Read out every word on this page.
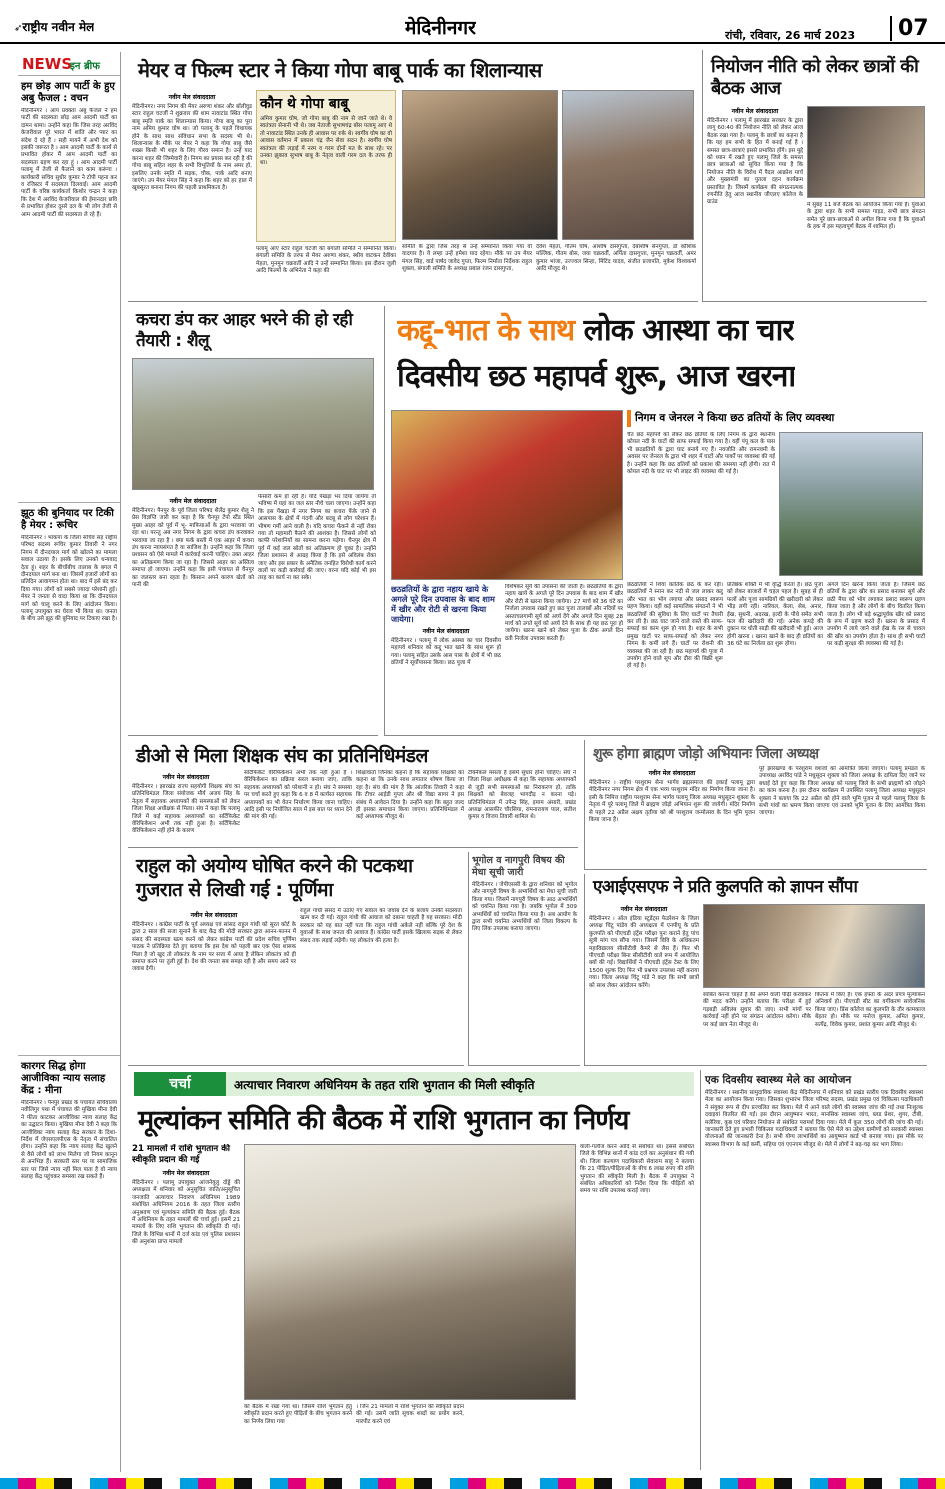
➶राष्ट्रीय नवीन मेल	मेदिनीनगर	रांची, रविवार, 26 मार्च 2023	07
NEWS
इन ब्रीफ
हम छोड़ आप पार्टी के हुए अबु फैजल : वचन
मेदिनीनगर । आप प्रवक्ता अबु फैजल ने हम पार्टी की सदस्यता छोड़ आम आदमी पार्टी का दामन थामा। उन्होंने कहा कि जिस तरह अरविंद केजरीवाल पूरे भारत में शांति और प्यार का संदेश दे रहे हैं । सही मायने में अभी देश को इसकी जरूरत है । आम आदमी पार्टी के कार्य से प्रभावित होकर मैं आम आदमी पार्टी का सदस्यता ग्रहण कर रहा हूं । आम आदमी पार्टी पलामू में तेजी से फैलाने का काम करूंगा । कार्यकारी सचिव सुधीर कुमार ने टोपी पहना कर व रजिस्टर में सदस्यता दिलवाई। आम आदमी पार्टी के वरिष्ठ कार्यकर्ता किशोर चन्द्रन ने कहा कि देश में अरविंद केजरीवाल की ईमानदार छवि से प्रभावित होकर दूसरे दल के भी लोग तेजी से आम आदमी पार्टी की सदस्यता ले रहे हैं।
झूठ की बुनियाद पर टिकी है मेयर : रूचिर
मेदिनीनगर । भाकपा के जिला सचिव सह राष्ट्रीय परिषद सदस्य रूचिर कुमार तिवारी ने नगर निगम में दीनदयाल मार्ग को खोलने का मामला सवाल उठाया है। इसके लिए उनको धन्यवाद देता हूं। शहर के बीचोंबीच तालाब के बगल में दीनदयाल मार्ग बना था। जिसमें हजारों लोगों का प्रतिदिन आवागमन होता था। बाद में इसे बंद कर दिया गया। लोगों को सबसे ज्यादा परेशानी हुई। मेयर ने जनता से वादा किया था कि दीनदयाल मार्ग को चालू करने के लिए आंदोलन किया। पलामू उपायुक्त का घेराव भी किया था। जनता के बीच उसे झूठ की बुनियाद पर टिकाए रखा है।
कारगर सिद्ध होगा आजीविका न्याय सलाह केंद्र : मीना
मेदिनीनगर । पैनपुर प्रखंड के पंचायत सचिवालय नवीलिगुर पथा में पंचायत की मुखिया मीना देवी ने फीता काटकर आजीविका न्याय सलाह केंद्र का उद्घाटन किया। मुखिया मीना देवी ने कहा कि आजीविका न्याय सलाह केंद्र सरकार के दिशा-निर्देश में जेएसएलपीएस के नेतृत्व में संचालित होगा। उन्होंने कहा कि न्याय सलाह केंद्र खुलने से वैसे लोगों को लाभ मिलेगा जो नियम कानून से अनभिज्ञ हैं। सरकारी स्तर पर या सामाजिक स्तर पर जिसे न्याय नहीं मिल पाता है वो न्याय सलाह केंद्र पहुंचकर समस्या रख सकते हैं।
मेयर व फिल्म स्टार ने किया गोपा बाबू पार्क का शिलान्यास
नवीन मेल संवाददाता
मेदिनीनगर। नगर निगम की मेयर अरुणा शंकर और बॉलीवुड स्टार राहुल चटर्जी ने शुक्रवार की शाम नावाटांड स्थित गोपा बाबू स्मृति पार्क का शिलान्यास किया। गोपा बाबू का पूरा नाम अमिय कुमार घोष था। जो पलामू के पहले विधायक होने के साथ साथ संविधान सभा के सदस्य भी थे। शिलान्यास के मौके पर मेयर ने कहा कि गोपा बाबू जैसे शख्स किसी भी शहर के लिए गौरव समान है। उन्हें याद करना शहर की जिम्मेवारी है। निगम का प्रयास कर रही है की गोपा बाबू सहित शहर के सभी विभूतियों के नाम अमर हो, इसलिए उनके स्मृति में सड़क, चौक, पार्क आदि बनाए जाएंगे। उप मेयर मंगल सिंह ने कहा कि शहर को हर हाल में खूबसूरत बनाना निगम की पहली प्राथमिकता है।
कौन थे गोपा बाबू
अमिय कुमार घोष, जो गोपा बाबू की नाम से जाने जाते थे। वे स्वतंत्रता सेनानी भी थे। जब नेताजी सुभाषचंद्र बोस पलामू आए थे तो नावाटांड स्थित उनके ही आवास पर रुके थे। स्वर्गीय घोष का वो आवास वर्तमान में प्रकाश चंद्र जैन सेवा सदन है। स्वर्गीय घोष स्वतंत्रता की लड़ाई में नरम व गरम दोनों मत के साथ रहे। पर उनका झुकाव सुभाष बाबू के नेतृत्व वाली गरम दल के तरफ ही था।
पलामू आए स्टार राहुल चटर्जी को बंगाली समिति ने सम्मानित किया। बंगाली समिति के तरफ से मेयर अरुणा शंकर, स्थीय वाटकन देवीका मेहता, मुनमुन चक्रवर्ती आदि ने उन्हें सम्मानित किया। इस दौरान जुली आदि फिल्मों के अभिनेता ने कहा की
समिति के द्वारा जिस तरह से उन्हें सम्मानित किया गया वो यादगार है। ये लम्हा उन्हें हमेशा याद रहेगा। मौके पर उप मेयर मंगल सिंह, वार्ड पार्षद जावेद गुप्ता, फिल्म निर्माता निर्देशक राहुल शुक्ला, बंगाली समिति के अध्यक्ष प्रबाल रंजन दासगुप्ता,
देवेश मेहता, गौतम घोष, आशीष दासगुप्ता, देबाशीष सेनगुप्ता, डॉ कौशिक मल्लिक, गौतम बोस, जया चक्रवर्ती, अर्पिता दासगुप्ता, मुनमुन चक्रवर्ती, अमर कुमार भांजा, उज्ज्वल सिन्हा, मिंटिंद यादव, संजीत प्रजापति, मुकेश विश्वकर्मा आदि मौजूद थे।
नियोजन नीति को लेकर छात्रों की बैठक आज
नवीन मेल संवाददाता
मेदिनीनगर । पलामू में झारखंड सरकार के द्वारा लागू 60:40 की नियोजन नीति को लेकर आज बैठक रखा गया है। पलामू के छात्रों का कहना है कि यह हम सभी के हित में बनाई गई है । समस्त छात्र-छात्राएं इससे प्रभावित होंगे। इस मुद्दे को ध्यान में रखते हुए पलामू जिले के समस्त छात्र छात्राओं को सूचित किया गया है कि नियोजन नीति के विरोध में पैदल आक्रोश मार्च और मुख्यमंत्री का पुतला दहन कार्यक्रम प्रस्तावित है। जिसमें कार्यक्रम की संगठनात्मक रणनीति हेतु आज स्थानीय जीएलए कॉलेज के ग्राउंड	में सुबह 11 बजे बैठक का आयोजन किया गया है। युवाओं के द्वारा शहर के सभी समस्त गाइड, सभी छात्र संगठन समेत पूरे छात्र-छात्राओं से अपील किया गया है कि युवाओं के हक में इस महत्वपूर्ण बैठक में शामिल हों।
कचरा डंप कर आहर भरने की हो रही तैयारी : शैलू
नवीन मेल संवाददाता
मेदिनीनगर। पैनपुर के पूर्व जिला परिषद शैलेंद्र कुमार शैलू ने प्रेस विज्ञप्ति जारी कर कहा है कि चैनपुर टेंपो स्टैंड स्थित मुख्य आहर को पूर्व में भू- माफियाओं के द्वारा भरवाया जा रहा था। परन्तु अब नगर निगम के द्वारा कचरा डंप करवाकर भरवाया जा रहा है । क्या फर्क बस्ती में एक आहर में कचरा डंप करना न्यायसंगत है या साजिश है। उन्होंने कहा कि जिला प्रशासन को ऐसे मामले में कार्रवाई करनी चाहिए। उक्त आहर का अतिक्रमण किया जा रहा है। जिससे आहर का अस्तित्व समाप्त हो जाएगा। उन्होंने कहा कि इसी पंचायत से चैनपुर का जलस्तर बना रहता है। किसान अपने कारण खेतों को पानी की
फेंसारी कम हो रही है। यदि पेंखड़ा भर दिया जायेगा तो भविष्य में यहां का जल स्तर नीचे चला जाएगा। उन्होंने कहा कि इस पेंखड़ा में नगर निगम का कचरा फेंके जाने से आसपास के क्षेत्रों में गंदगी और बदबू से लोग परेशान हैं। भीषण गर्मी आने वाली है। यदि कचरा फेंकने से नहीं रोका गया तो महामारी फैलने की आशंका है। जिससे लोगों को काफी परेशानियों का सामना करना पड़ेगा। चैनपुर क्षेत्र में पूर्व में कई जल स्रोतों का अतिक्रमण हो चुका है। उन्होंने जिला प्रशासन से आग्रह किया है कि इसे अविलंब रोका जाए और इस प्रकार के अनैतिक जनहित विरोधी कार्य करने वालों पर कड़ी कार्रवाई की जाए। वरना यदि कोई भी इस तरह का कार्य ना कर सके।
कद्दू-भात के साथ लोक आस्था का चार
दिवसीय छठ महापर्व शुरू, आज खरना
छठव्रतियों के द्वारा नहाय खाये के अगले पूरे दिन उपवास के बाद शाम में खीर और रोटी से खरना किया जायेगा।
नवीन मेल संवाददाता
मेदिनीनगर । पलामू में लोक आस्था का चार दिवसीय महापर्व शनिवार को कद्दू भात खाने के साथ शुरू हो गया। पलामू सहित उसके आस पास के क्षेत्रों में भी छठ व्रतियों ने सूर्योपासना किया। छठ पूजा में
विशेषकर सूर्य की उपासना की जाती है। छठव्रतियों के द्वारा नहाय खाये के अगले पूरे दिन उपवास के बाद शाम में खीर और रोटी से खरना किया जायेगा। 27 मार्च को 36 घंटे का निर्जला उपवास रखते हुए छठ पूजा तालाबों और नदियों पर अस्ताचलगामी सूर्य को अर्घ्य देंगे और अगले दिन सुबह 28 मार्च को उगते सूर्य को अर्घ्य देने के साथ ही यह छठ पूरा हो जायेगा। खरना खाने को लेकर पूजा के ठीक अगले दिन व्रती निर्जला उपवास करती हैं।
निगम व जेनरल ने किया छठ व्रतियों के लिए व्यवस्था
चैत छठ महापर्व को लेकर छठ व्रतियों के लिए निगम के द्वारा स्थानीय कोयल नदी के घाटों की साफ सफाई किया गया है। वहीं पंपू कल के पास भी छठव्रतियों के द्वारा घाट बनाये गए हैं। नवजोति और रामनवमी के अवसर पर जेनरल के द्वारा भी शहर में घाटों और पार्कों पर व्यवस्था की गई है। उन्होंने कहा कि छठ व्रतियों को प्रकाश की समस्या नहीं होगी। रात में कोयल नदी के घाट पर भी लाइट की व्यवस्था की गई है।
छठव्रतियों ने शिवा कार्तिक छठ के कर रही। छठव्रतियों ने स्नान कर नदी से जल लाकर कद्दू और भात का भोग लगाया और प्रसाद स्वरूप ग्रहण किया। वहीं कई सामाजिक संगठनों ने भी छठव्रतियों की सुविधा के लिए घाटों पर तैयारी कर ली है। छठ घाट जाने वाले रास्ते की साफ-सफाई का काम शुरू हो गया है। शहर के सभी प्रमुख घाटों पर साफ-सफाई को लेकर नगर निगम के कर्मी लगे हैं। घाटों पर रोशनी की व्यवस्था की जा रही है। छठ महापर्व की पूजा में उपयोग होने वाले सूप और दौरा की बिक्री शुरू हो गई है।
प्रतिष्ठक शक्ति में भी वृद्धि करता है। छठ पूजा को लेकर बाजारों में चहल पहल है। सुबह से ही फलों और पूजा सामग्रियों की खरीदारी को लेकर भीड़ लगी रही। नारियल, केला, सेब, अनार, ईख, सुथनी, अदरख, हल्दी के पौधे समेत सभी फल की खरीदारी की गई। अनेक कपड़े की दुकान पर धोती साड़ी की खरीदारी भी हुई। आज होगी खरना । खरना खाने के बाद ही व्रतियों का 36 घंटे का निर्जला व्रत शुरू होगा।
अगले दिन खरना किया जाता है। जिसमें छठ व्रतियों के द्वारा खीर का प्रसाद बनाकर सूर्य और छठी मैया को भोग लगाकर प्रसाद स्वरूप ग्रहण किया जाता है और लोगों के बीच वितरित किया जाता है। लोग भी बड़े श्रद्धापूर्वक खीर को प्रसाद के रूप में ग्रहण करते हैं। खरना के प्रसाद में उपयोग में लाये जाने वाले ईख के रस से चावल की खीर का उपयोग होता है। साथ ही सभी घाटों पर कड़ी सुरक्षा की व्यवस्था की गई है।
डीओ से मिला शिक्षक संघ का प्रतिनिधिमंडल
नवीन मेल संवाददाता
मेदिनीनगर । झारखंड राज्य सहयोगी शिक्षक संघ का प्रतिनिधिमंडल जिला संयोजक मौर्य अजय सिंह के नेतृत्व में सहायक अध्यापकों की समस्याओं को लेकर जिला शिक्षा अधीक्षक से मिला। संघ ने कहा कि पलामू जिले में कई सहायक अध्यापकों का सर्टिफिकेट वेरिफिकेशन अभी तक नहीं हुआ है। सर्टिफिकेट वेरिफिकेशन नहीं होने के कारण
सर्टिफिकेट वेरिफिकेशन अभी तक नहीं हुआ है । वेरिफिकेशन का प्रक्रिया सरल बनाया जाए, ताकि सहायक अध्यापकों को परेशानी न हो। संघ ने समस्या पर चर्चा करते हुए कहा कि 6 व 8 में कार्यरत सहायक अध्यापकों का भी वेतन निर्धारण किया जाना चाहिए। आदि इसी पर नियोजित साल में इस बात पर ध्यान देने की मांग की गई।
शिक्षावार्ता जिनका कहना है कि सहायक शिक्षकों का कहना था कि उनके साथ लगातार शोषण किया जा रहा है। संघ की मांग है कि आंतरिक तिवारी ने कहा कि टीचर आईडी गुप्ता और श्री विद्या सागर ने इस संबंध में आवेदन दिया है। उन्होंने कहा कि बहुत जल्द ही इसका समाधान किया जाएगा। प्रतिनिधिमंडल में कई अध्यापक मौजूद थे।
टेक्निकल मसला है इसमें सुधार होना चाहिए। संघ ने जिला शिक्षा अधीक्षक से कहा कि सहायक अध्यापकों से जुड़ी सभी समस्याओं का निराकरण हो, ताकि शिक्षकों को बेवजह भागदौड़ न करना पड़े। प्रतिनिधिमंडल में उपेन्द्र सिंह, इमाम अंसारी, प्रखंड अध्यक्ष आसफीर चौरसिया, रामनारायण पाल, सतीश कुमार व विजय तिवारी शामिल थे।
शुरू होगा ब्राह्मण जोड़ो अभियानः जिला अध्यक्ष
नवीन मेल संवाददाता
मेदिनीनगर । राष्ट्रीय परशुराम सेना भार्गव ब्रह्मसमाज की इकाई पलामू द्वारा मेदिनीनगर नगर निगम क्षेत्र में एक भव्य परशुराम मंदिर का निर्माण किया जाना है। इसी के निमित्त राष्ट्रीय परशुराम सेना भार्गव पलामू जिला अध्यक्ष मधुसूदन शुक्ला के नेतृत्व में पूरे पलामू जिले में ब्राह्मण जोड़ो अभियान शुरू की जायेगी। मंदिर निर्माण से पहले 22 अप्रैल अक्षय तृतीया को श्री परशुराम जन्मोत्सव के दिन भूमि पूजन किया जाना है।
पूरे झारखण्ड के परशुराम वंशजों को आमंत्रित किया जाएगा। पलामू प्रमंडल के उपाध्यक्ष अरविंद पांडे ने मधुसूदन शुक्ला को जिला अध्यक्ष के दायित्व दिए जाने पर बधाई देते हुए कहा कि जिला अध्यक्ष को पलामू जिले के सभी ब्राह्मणों को जोड़ने का काम करना है। इस दौरान कार्यक्रम में उपस्थित पलामू जिला अध्यक्ष मधुसूदन शुक्ला ने बताया कि 22 अप्रैल को होने वाले भूमि पूजन से पहले पलामू जिला के सभी गांवों का भ्रमण किया जाएगा एवं उनको भूमि पूजन के लिए आमंत्रित किया जाएगा।
राहुल को अयोग्य घोषित करने की पटकथा गुजरात से लिखी गई : पूर्णिमा
नवीन मेल संवाददाता
मेदिनीनगर । कांग्रेस पार्टी के पूर्व अध्यक्ष एवं सांसद राहुल गांधी को सूरत कोर्ट के द्वारा 2 साल की सजा सुनाने के बाद केंद्र की मोदी सरकार द्वारा आनन-फानन में संसद की सदस्यता खत्म करने को लेकर कांग्रेस पार्टी की प्रदेश सचिव पूर्णिमा पाठक ने प्रतिक्रिया देते हुए बताया कि इस देश को पहली बार एक ऐसा शासक मिला है जो खुद तो लोकतंत्र के नाम पर सत्ता में आया है लेकिन लोकतंत्र को ही समाप्त करने पर तुली हुई है। देश की जनता सब समझ रही है और समय आने पर जवाब देगी।
राहुल गांधी संसद में उठाए गए सवाल का जवाब देने के बजाय उनकी सदस्यता खत्म कर दी गई। राहुल गांधी की आवाज को दबाना चाहती है यह सरकार। मोदी सरकार को यह बात नहीं पता कि राहुल गांधी अकेले नहीं बल्कि पूरे देश के युवाओं के साथ जनता की आवाज हैं। कांग्रेस पार्टी इसके खिलाफ सड़क से लेकर संसद तक लड़ाई लड़ेगी। यह लोकतंत्र की हत्या है।
भूगोल व नागपुरी विषय की मेधा सूची जारी
मेदिनीनगर । जेपीएससी के द्वारा शनिवार को भूगोल और नागपुरी विषय के अभ्यर्थियों का मेधा सूची जारी किया गया। जिसमें नागपुरी विषय के आठ अभ्यर्थियों को चयनित किया गया है। जबकि भूगोल में 309 अभ्यर्थियों को चयनित किया गया है। अब आयोग के द्वारा सभी चयनित अभ्यर्थियों को जिला विकल्प के लिए लिंक उपलब्ध कराया जाएगा।
एआईएसएफ ने प्रति कुलपति को ज्ञापन सौंपा
नवीन मेल संवाददाता
मेदिनीनगर । ऑल इंडिया स्टूडेंट्स फेडरेशन के जिला अध्यक्ष चिंटू पांडेय की अध्यक्षता में एनपीयू के प्रति कुलपति को पीएचडी इंट्रेंस परीक्षा पुनः कराने हेतु पांच सूत्री मांग पत्र सौंपा गया। जिसमें विवि के अधिकतम महाविद्यालय सीसीटीवी कैमरे से लैस हैं। फिर भी पीएचडी परीक्षा बिना सीसीटीवी वाले रूम में आयोजित क्यों की गई। विद्यार्थियों ने पीएचडी इंट्रेंस टेस्ट के लिए 1500 शुल्क दिए फिर भी प्रश्नपत्र उपलब्ध नहीं कराया गया। जिला अध्यक्ष चिंटू पांडे ने कहा कि सभी छात्रों को साथ लेकर आंदोलन करेंगे।
साबित करना चाहते हैं की अपने वाली पीढ़ी करवाकर की मदद करेंगे। उन्होंने बताया कि परीक्षा में हुई गड़बड़ी अविलंब सुधार की जाए। सभी मांगों पर कार्रवाई नहीं होने पर संगठन आंदोलन करेगा। मौके पर कई छात्र नेता मौजूद थे।
कितना में किए हैं। एक हफ्ता के अंदर प्रपत्र मूल्यांकन अनिवार्य हो। पीएचडी सीट का वर्गीकरण सार्वजनिक किया जाए। प्रिंस कॉलेज का कुलपति के तौर कामकाज बेहतर हो। मौके पर मनोज कुमार, अमित कुमार, सत्येंद्र, विवेक कुमार, प्रशांत कुमार आदि मौजूद थे।
चर्चा	अत्याचार निवारण अधिनियम के तहत राशि भुगतान की मिली स्वीकृति
मूल्यांकन समिति की बैठक में राशि भुगतान का निर्णय
21 मामलों में राशि भुगतान की स्वीकृति प्रदान की गई
नवीन मेल संवाददाता
मेदिनीनगर । पलामू उपायुक्त आंजनेयुलु दोड्डे की अध्यक्षता में शनिवार को अनुसूचित जाति/अनुसूचित जनजाति अत्याचार निवारण अधिनियम 1989 संशोधित अधिनियम 2016 के तहत जिला स्तरीय अनुश्रवण एवं मूल्यांकन समिति की बैठक हुई। बैठक में अधिनियम के तहत मामलों की चर्चा हुई। इसमें 21 मामलों के लिए राशि भुगतान की स्वीकृति दी गई। जिले के विभिन्न थानों में दर्ज कांड एवं पुलिस प्रशासन की अनुशंसा प्राप्त मामलों
को बैठक में रखा गया था। जिसमें राशि भुगतान हेतु स्वीकृति प्रदान करते हुए पीड़ितों के बीच भुगतान करने का निर्णय लिया गया
। जिन 21 मामलों में राशि भुगतान की स्वीकृति प्रदान की गई। उसमें जाति सूचक शब्दों का प्रयोग करने, मारपीट करने एवं
वाली-गलौज करने आदि से संबंधित था। इससे संबंधित जिले के विभिन्न थानों में कांड दर्ज कर अनुसंधान की गयी थी। जिला कल्याण पदाधिकारी सेवाराम साहू ने बताया कि 21 पीड़ित/पीड़िताओं के बीच 6 लाख रुपए की राशि भुगतान की स्वीकृति मिली है। बैठक में उपायुक्त ने संबंधित अधिकारियों को निर्देश दिया कि पीड़ितों को समय पर राशि उपलब्ध कराई जाए।
एक दिवसीय स्वास्थ्य मेले का आयोजन
मेदिनीनगर । स्थानीय सामुदायिक स्वास्थ्य केंद्र मेदिनीनगर में शनिवार को प्रखंड स्तरीय एक दिवसीय स्वास्थ्य मेला का आयोजन किया गया। जिसका शुभारंभ जिला परिषद सदस्य, प्रखंड प्रमुख एवं चिकित्सा पदाधिकारी ने संयुक्त रूप से दीप प्रज्वलित कर किया। मेले में आने वाले लोगों की स्वास्थ्य जांच की गई तथा निःशुल्क दवाइयां वितरित की गईं। इस दौरान आयुष्मान भारत, मानसिक स्वास्थ्य जांच, ब्लड प्रेशर, शुगर, टीबी, मलेरिया, कुष्ठ एवं परिवार नियोजन से संबंधित परामर्श दिया गया। मेले में कुल 350 लोगों की जांच की गई। जानकारी देते हुए प्रभारी चिकित्सा पदाधिकारी ने बताया कि ऐसे मेले का उद्देश्य ग्रामीणों को सरकारी स्वास्थ्य योजनाओं की जानकारी देना है। सभी योग्य लाभार्थियों का आयुष्मान कार्ड भी बनाया गया। इस मौके पर स्वास्थ्य विभाग के कई कर्मी, सहिया एवं एएनएम मौजूद थे। मेले में लोगों ने बढ़-चढ़ कर भाग लिया।
